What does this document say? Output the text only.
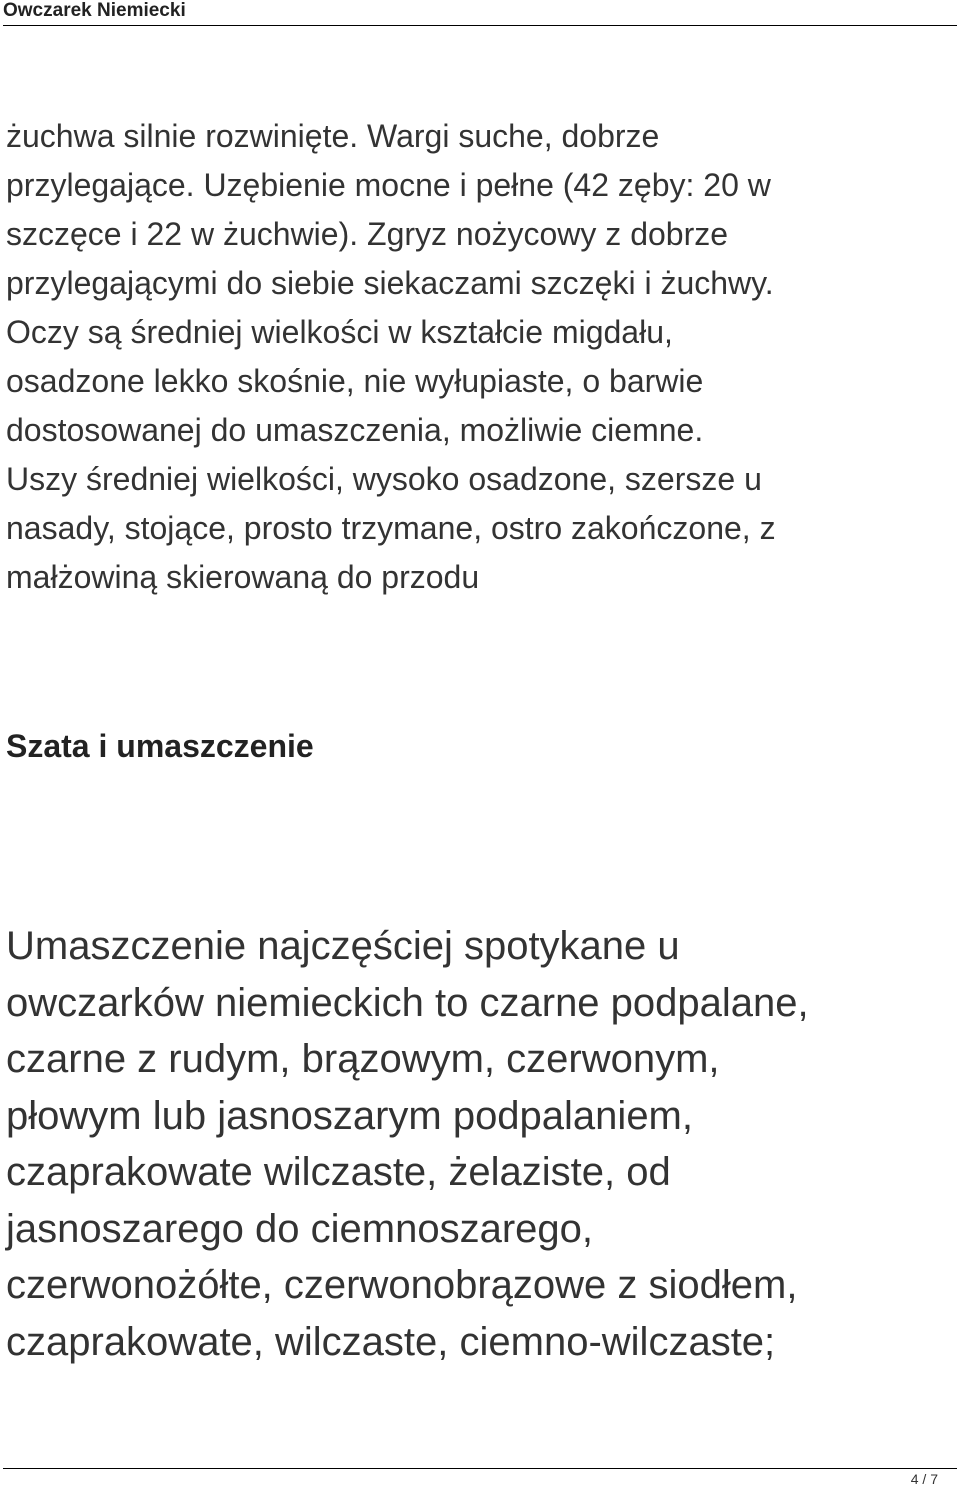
Owczarek Niemiecki

żuchwa silnie rozwinięte. Wargi suche, dobrze
przylegające. Uzębienie mocne i pełne (42 zęby: 20 w
szczęce i 22 w żuchwie). Zgryz nożycowy z dobrze
przylegającymi do siebie siekaczami szczęki i żuchwy.
Oczy są średniej wielkości w kształcie migdału,
osadzone lekko skośnie, nie wyłupiaste, o barwie
dostosowanej do umaszczenia, możliwie ciemne.
Uszy średniej wielkości, wysoko osadzone, szersze u
nasady, stojące, prosto trzymane, ostro zakończone, z
małżowiną skierowaną do przodu

Szata i umaszczenie

Umaszczenie najczęściej spotykane u
owczarków niemieckich to czarne podpalane,
czarne z rudym, brązowym, czerwonym,
płowym lub jasnoszarym podpalaniem,
czaprakowate wilczaste, żelaziste, od
jasnoszarego do ciemnoszarego,
czerwonożółte, czerwonobrązowe z siodłem,
czaprakowate, wilczaste, ciemno-wilczaste;

4 / 7
